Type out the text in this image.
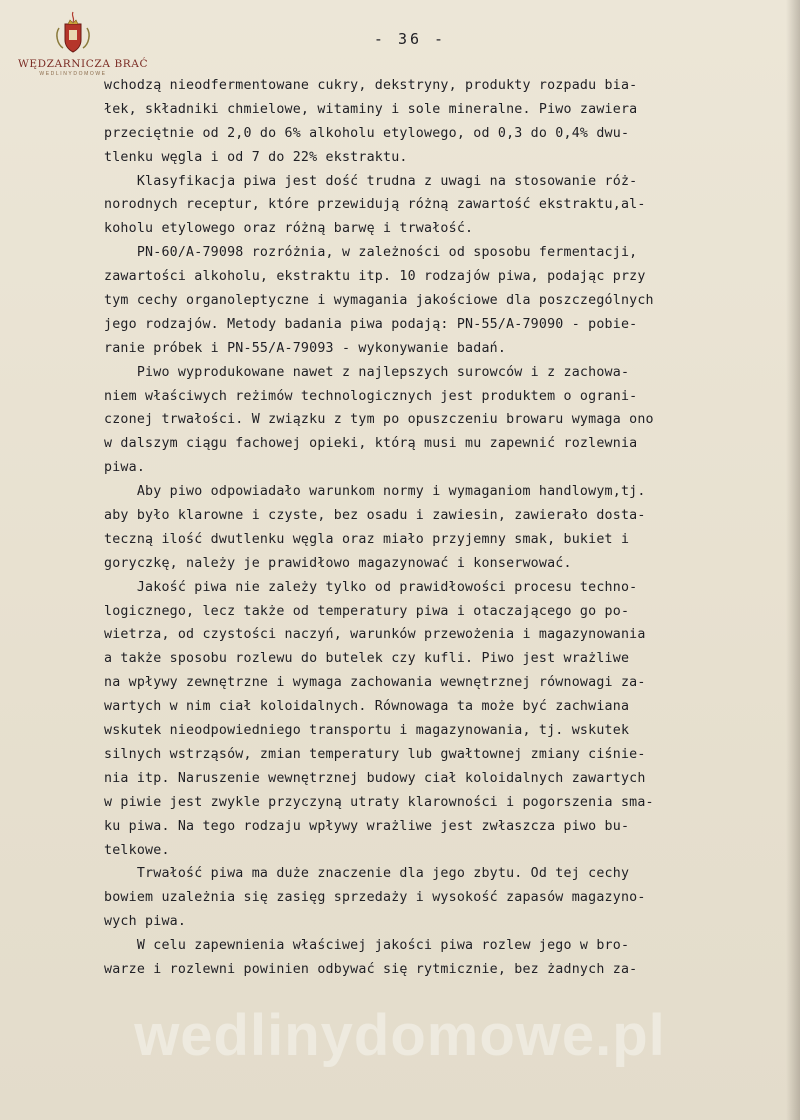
WĘDZARNICZA BRAĆ
WEDLINYDOMOWE
- 36 -
wchodzą nieodfermentowane cukry, dekstryny, produkty rozpadu bia-
łek, składniki chmielowe, witaminy i sole mineralne. Piwo zawiera
przeciętnie od 2,0 do 6% alkoholu etylowego, od 0,3 do 0,4% dwu-
tlenku węgla i od 7 do 22% ekstraktu.
Klasyfikacja piwa jest dość trudna z uwagi na stosowanie róż-
norodnych receptur, które przewidują różną zawartość ekstraktu,al-
koholu etylowego oraz różną barwę i trwałość.
PN-60/A-79098 rozróżnia, w zależności od sposobu fermentacji,
zawartości alkoholu, ekstraktu itp. 10 rodzajów piwa, podając przy
tym cechy organoleptyczne i wymagania jakościowe dla poszczególnych
jego rodzajów. Metody badania piwa podają: PN-55/A-79090 - pobie-
ranie próbek i PN-55/A-79093 - wykonywanie badań.
Piwo wyprodukowane nawet z najlepszych surowców i z zachowa-
niem właściwych reżimów technologicznych jest produktem o ograni-
czonej trwałości. W związku z tym po opuszczeniu browaru wymaga ono
w dalszym ciągu fachowej opieki, którą musi mu zapewnić rozlewnia
piwa.
Aby piwo odpowiadało warunkom normy i wymaganiom handlowym,tj.
aby było klarowne i czyste, bez osadu i zawiesin, zawierało dosta-
teczną ilość dwutlenku węgla oraz miało przyjemny smak, bukiet i
goryczkę, należy je prawidłowo magazynować i konserwować.
Jakość piwa nie zależy tylko od prawidłowości procesu techno-
logicznego, lecz także od temperatury piwa i otaczającego go po-
wietrza, od czystości naczyń, warunków przewożenia i magazynowania
a także sposobu rozlewu do butelek czy kufli. Piwo jest wrażliwe
na wpływy zewnętrzne i wymaga zachowania wewnętrznej równowagi za-
wartych w nim ciał koloidalnych. Równowaga ta może być zachwiana
wskutek nieodpowiedniego transportu i magazynowania, tj. wskutek
silnych wstrząsów, zmian temperatury lub gwałtownej zmiany ciśnie-
nia itp. Naruszenie wewnętrznej budowy ciał koloidalnych zawartych
w piwie jest zwykle przyczyną utraty klarowności i pogorszenia sma-
ku piwa. Na tego rodzaju wpływy wrażliwe jest zwłaszcza piwo bu-
telkowe.
Trwałość piwa ma duże znaczenie dla jego zbytu. Od tej cechy
bowiem uzależnia się zasięg sprzedaży i wysokość zapasów magazyno-
wych piwa.
W celu zapewnienia właściwej jakości piwa rozlew jego w bro-
warze i rozlewni powinien odbywać się rytmicznie, bez żadnych za-
wedlinydomowe.pl
